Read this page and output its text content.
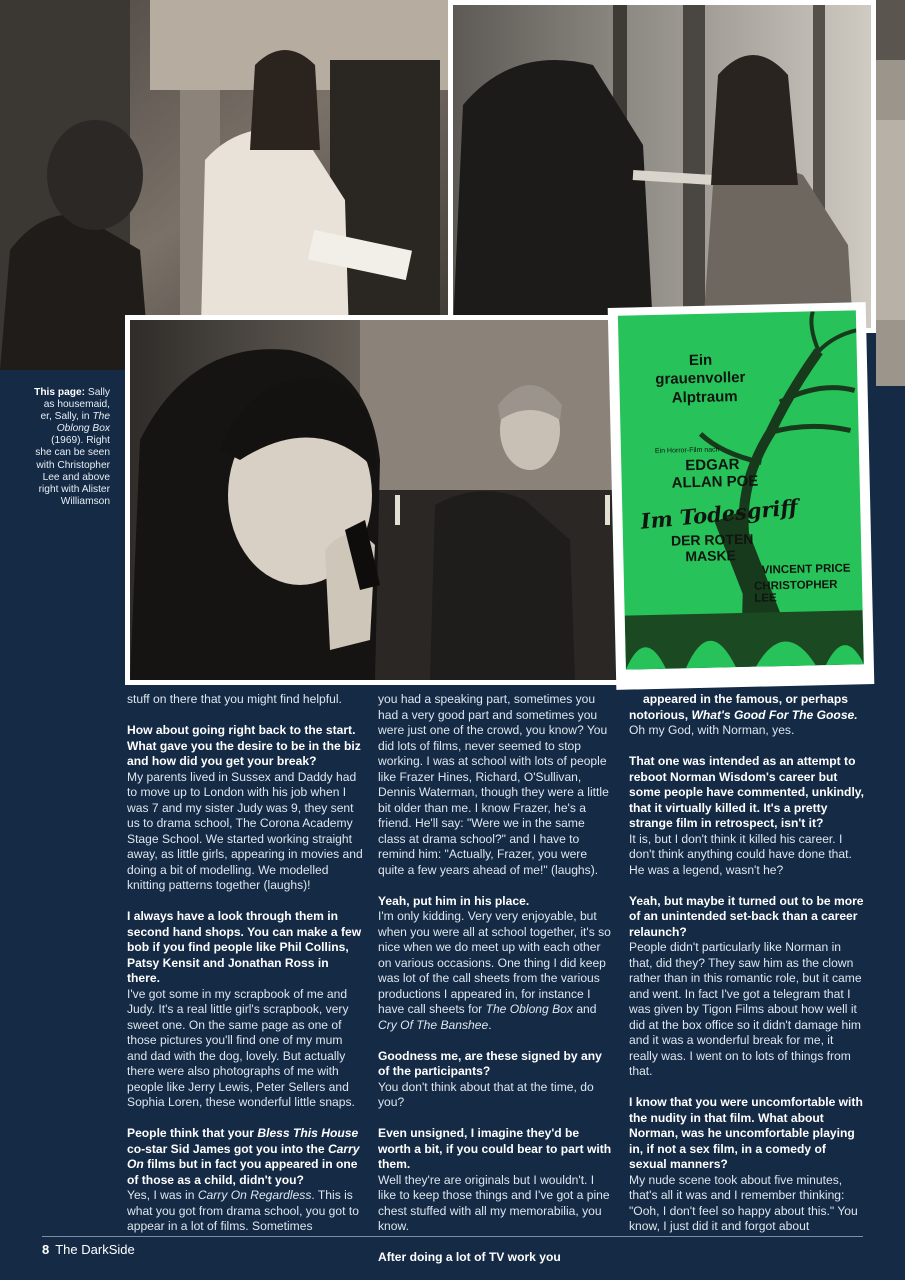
This page: Sally as housemaid, er, Sally, in The Oblong Box (1969). Right she can be seen with Christopher Lee and above right with Alister Williamson
Ein
grauenvoller
Alptraum
Ein Horror-Film nach
EDGAR
ALLAN POE
Im Todesgriff
DER ROTEN
MASKE
VINCENT PRICE
CHRISTOPHER LEE

stuff on there that you might find helpful.

How about going right back to the start. What gave you the desire to be in the biz and how did you get your break?

My parents lived in Sussex and Daddy had to move up to London with his job when I was 7 and my sister Judy was 9, they sent us to drama school, The Corona Academy Stage School. We started working straight away, as little girls, appearing in movies and doing a bit of modelling. We modelled knitting patterns together (laughs)!

I always have a look through them in second hand shops. You can make a few bob if you find people like Phil Collins, Patsy Kensit and Jonathan Ross in there.

I've got some in my scrapbook of me and Judy. It's a real little girl's scrapbook, very sweet one. On the same page as one of those pictures you'll find one of my mum and dad with the dog, lovely. But actually there were also photographs of me with people like Jerry Lewis, Peter Sellers and Sophia Loren, these wonderful little snaps.

People think that your Bless This House co-star Sid James got you into the Carry On films but in fact you appeared in one of those as a child, didn't you?

Yes, I was in Carry On Regardless. This is what you got from drama school, you got to appear in a lot of films. Sometimes

you had a speaking part, sometimes you had a very good part and sometimes you were just one of the crowd, you know? You did lots of films, never seemed to stop working. I was at school with lots of people like Frazer Hines, Richard, O'Sullivan, Dennis Waterman, though they were a little bit older than me. I know Frazer, he's a friend. He'll say: "Were we in the same class at drama school?" and I have to remind him: "Actually, Frazer, you were quite a few years ahead of me!" (laughs).

Yeah, put him in his place.

I'm only kidding. Very very enjoyable, but when you were all at school together, it's so nice when we do meet up with each other on various occasions. One thing I did keep was lot of the call sheets from the various productions I appeared in, for instance I have call sheets for The Oblong Box and Cry Of The Banshee.

Goodness me, are these signed by any of the participants?

You don't think about that at the time, do you?

Even unsigned, I imagine they'd be worth a bit, if you could bear to part with them.

Well they're are originals but I wouldn't. I like to keep those things and I've got a pine chest stuffed with all my memorabilia, you know.

After doing a lot of TV work you
appeared in the famous, or perhaps notorious, What's Good For The Goose.

Oh my God, with Norman, yes.

That one was intended as an attempt to reboot Norman Wisdom's career but some people have commented, unkindly, that it virtually killed it. It's a pretty strange film in retrospect, isn't it?

It is, but I don't think it killed his career. I don't think anything could have done that. He was a legend, wasn't he?

Yeah, but maybe it turned out to be more of an unintended set-back than a career relaunch?

People didn't particularly like Norman in that, did they? They saw him as the clown rather than in this romantic role, but it came and went. In fact I've got a telegram that I was given by Tigon Films about how well it did at the box office so it didn't damage him and it was a wonderful break for me, it really was. I went on to lots of things from that.

I know that you were uncomfortable with the nudity in that film. What about Norman, was he uncomfortable playing in, if not a sex film, in a comedy of sexual manners?

My nude scene took about five minutes, that's all it was and I remember thinking: "Ooh, I don't feel so happy about this." You know, I just did it and forgot about

8 The DarkSide
